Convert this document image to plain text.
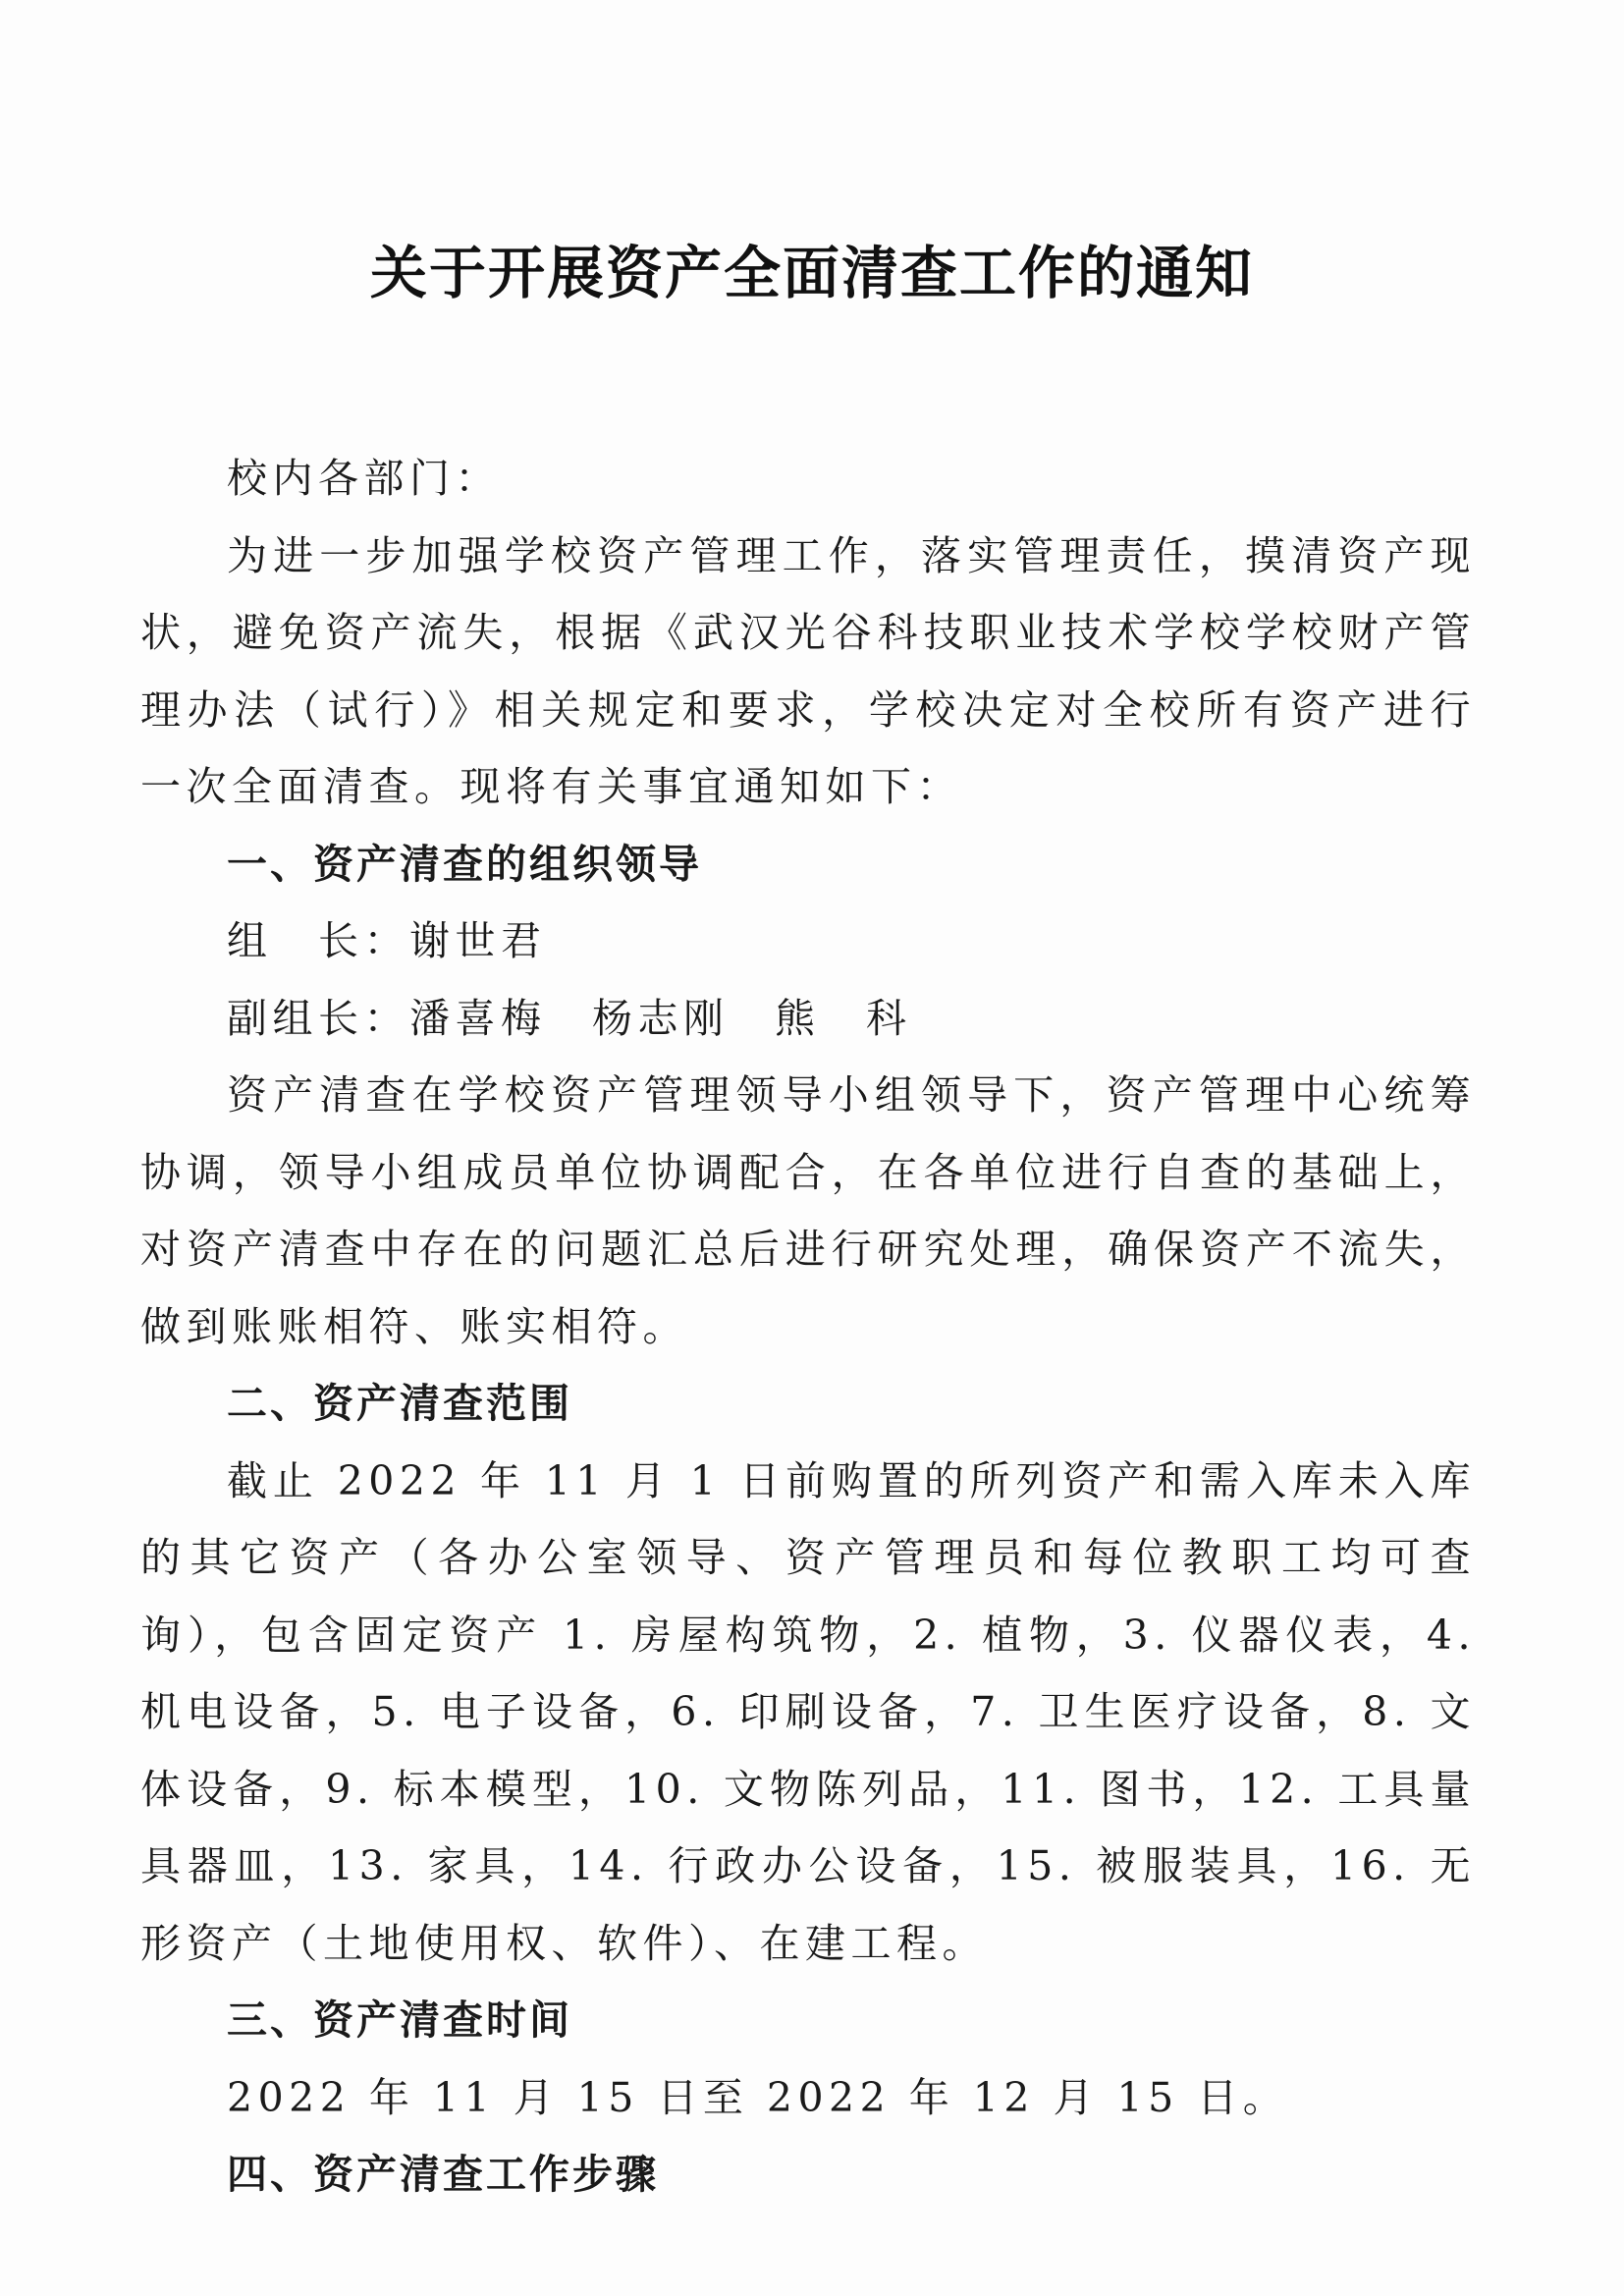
关于开展资产全面清查工作的通知

校内各部门：

为进一步加强学校资产管理工作，落实管理责任，摸清资产现状，避免资产流失，根据《武汉光谷科技职业技术学校学校财产管理办法（试行）》相关规定和要求，学校决定对全校所有资产进行一次全面清查。现将有关事宜通知如下：

一、资产清查的组织领导

组　长：谢世君

副组长：潘喜梅　杨志刚　熊　科

资产清查在学校资产管理领导小组领导下，资产管理中心统筹协调，领导小组成员单位协调配合，在各单位进行自查的基础上，对资产清查中存在的问题汇总后进行研究处理，确保资产不流失，做到账账相符、账实相符。

二、资产清查范围

截止 2022 年 11 月 1 日前购置的所列资产和需入库未入库的其它资产（各办公室领导、资产管理员和每位教职工均可查询），包含固定资产 1. 房屋构筑物，2. 植物，3. 仪器仪表，4. 机电设备，5. 电子设备，6. 印刷设备，7. 卫生医疗设备，8. 文体设备，9. 标本模型，10. 文物陈列品，11. 图书，12. 工具量具器皿，13. 家具，14. 行政办公设备，15. 被服装具，16. 无形资产（土地使用权、软件）、在建工程。

三、资产清查时间

2022 年 11 月 15 日至 2022 年 12 月 15 日。

四、资产清查工作步骤
